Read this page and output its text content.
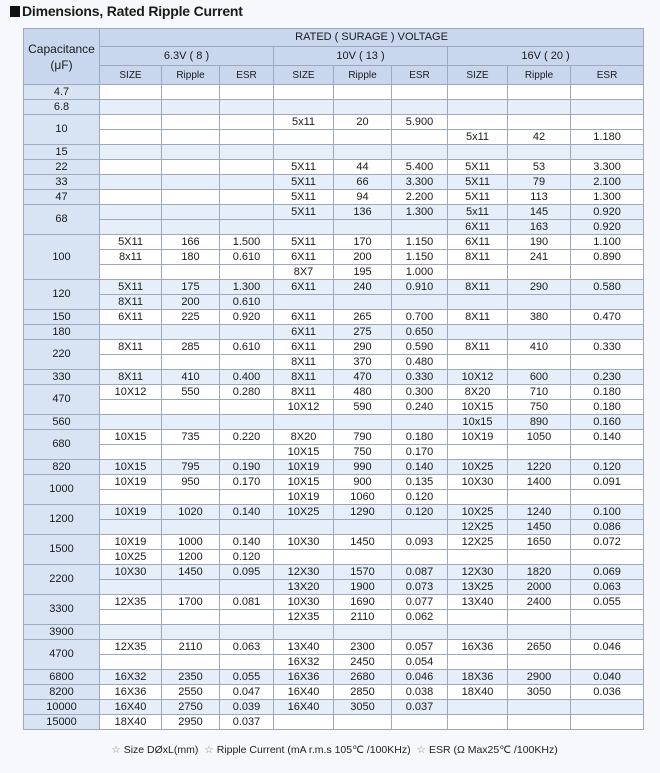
Dimensions, Rated Ripple Current
Capacitance
(μF)	RATED ( SURAGE ) VOLTAGE								
	6.3V ( 8 )			10V ( 13 )			16V ( 20 )		
	SIZE	Ripple	ESR	SIZE	Ripple	ESR	SIZE	Ripple	ESR
4.7									
6.8									
10				5x11	20	5.900			
							5x11	42	1.180
15									
22				5X11	44	5.400	5X11	53	3.300
33				5X11	66	3.300	5X11	79	2.100
47				5X11	94	2.200	5X11	113	1.300
68				5X11	136	1.300	5x11	145	0.920
							6X11	163	0.920
100	5X11	166	1.500	5X11	170	1.150	6X11	190	1.100
	8x11	180	0.610	6X11	200	1.150	8X11	241	0.890
				8X7	195	1.000			
120	5X11	175	1.300	6X11	240	0.910	8X11	290	0.580
	8X11	200	0.610						
150	6X11	225	0.920	6X11	265	0.700	8X11	380	0.470
180				6X11	275	0.650			
220	8X11	285	0.610	6X11	290	0.590	8X11	410	0.330
				8X11	370	0.480			
330	8X11	410	0.400	8X11	470	0.330	10X12	600	0.230
470	10X12	550	0.280	8X11	480	0.300	8X20	710	0.180
				10X12	590	0.240	10X15	750	0.180
560							10x15	890	0.160
680	10X15	735	0.220	8X20	790	0.180	10X19	1050	0.140
				10X15	750	0.170			
820	10X15	795	0.190	10X19	990	0.140	10X25	1220	0.120
1000	10X19	950	0.170	10X15	900	0.135	10X30	1400	0.091
				10X19	1060	0.120			
1200	10X19	1020	0.140	10X25	1290	0.120	10X25	1240	0.100
							12X25	1450	0.086
1500	10X19	1000	0.140	10X30	1450	0.093	12X25	1650	0.072
	10X25	1200	0.120						
2200	10X30	1450	0.095	12X30	1570	0.087	12X30	1820	0.069
				13X20	1900	0.073	13X25	2000	0.063
3300	12X35	1700	0.081	10X30	1690	0.077	13X40	2400	0.055
				12X35	2110	0.062			
3900									
4700	12X35	2110	0.063	13X40	2300	0.057	16X36	2650	0.046
				16X32	2450	0.054			
6800	16X32	2350	0.055	16X36	2680	0.046	18X36	2900	0.040
8200	16X36	2550	0.047	16X40	2850	0.038	18X40	3050	0.036
10000	16X40	2750	0.039	16X40	3050	0.037			
15000	18X40	2950	0.037						
☆ Size DØxL(mm) ☆ Ripple Current (mA r.m.s 105℃ /100KHz) ☆ ESR (Ω Max25℃ /100KHz)
